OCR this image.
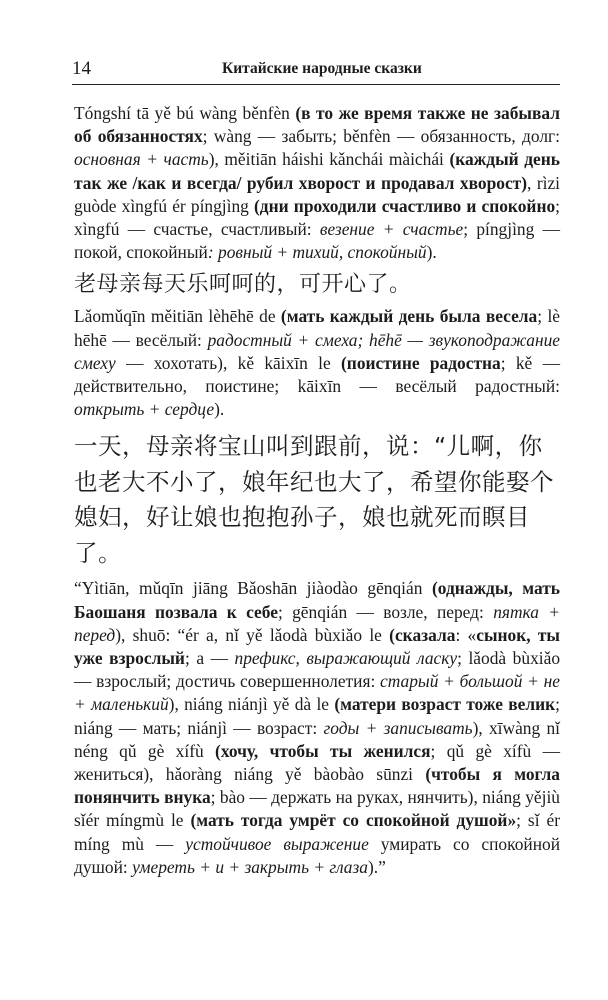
14	Китайские народные сказки

Tóngshí tā yě bú wàng běnfèn (в то же время также не забывал об обязанностях; wàng — забыть; běnfèn — обязанность, долг: основная + часть), měitiān háishi kǎnchái màichái (каждый день так же /как и всегда/ рубил хворост и продавал хворост), rìzi guòde xìngfú ér píngjìng (дни проходили счастливо и спокойно; xìngfú — счастье, счастливый: везение + счастье; píngjìng — покой, спокойный: ровный + тихий, спокойный).

老母亲每天乐呵呵的，可开心了。

Lǎomǔqīn měitiān lèhēhē de (мать каждый день была весела; lè hēhē — весёлый: радостный + смеха; hēhē — звукоподражание смеху — хохотать), kě kāixīn le (поистине радостна; kě — действительно, поистине; kāixīn — весёлый радостный: открыть + сердце).

一天，母亲将宝山叫到跟前，说：“儿啊，你也老大不小了，娘年纪也大了，希望你能娶个媳妇，好让娘也抱抱孙子，娘也就死而瞑目了。

“Yìtiān, mǔqīn jiāng Bǎoshān jiàodào gēnqián (однажды, мать Баошаня позвала к себе; gēnqián — возле, перед: пятка + перед), shuō: “ér a, nǐ yě lǎodà bùxiǎo le (сказала: «сынок, ты уже взрослый; a — префикс, выражающий ласку; lǎodà bùxiǎo — взрослый; достичь совершеннолетия: старый + большой + не + маленький), niáng niánjì yě dà le (матери возраст тоже велик; niáng — мать; niánjì — возраст: годы + записывать), xīwàng nǐ néng qǔ gè xífù (хочу, чтобы ты женился; qǔ gè xífù — жениться), hǎoràng niáng yě bàobào sūnzi (чтобы я могла понянчить внука; bào — держать на руках, нянчить), niáng yějiù sǐér míngmù le (мать тогда умрёт со спокойной душой»; sǐ ér míng mù — устойчивое выражение умирать со спокойной душой: умереть + и + закрыть + глаза).”
